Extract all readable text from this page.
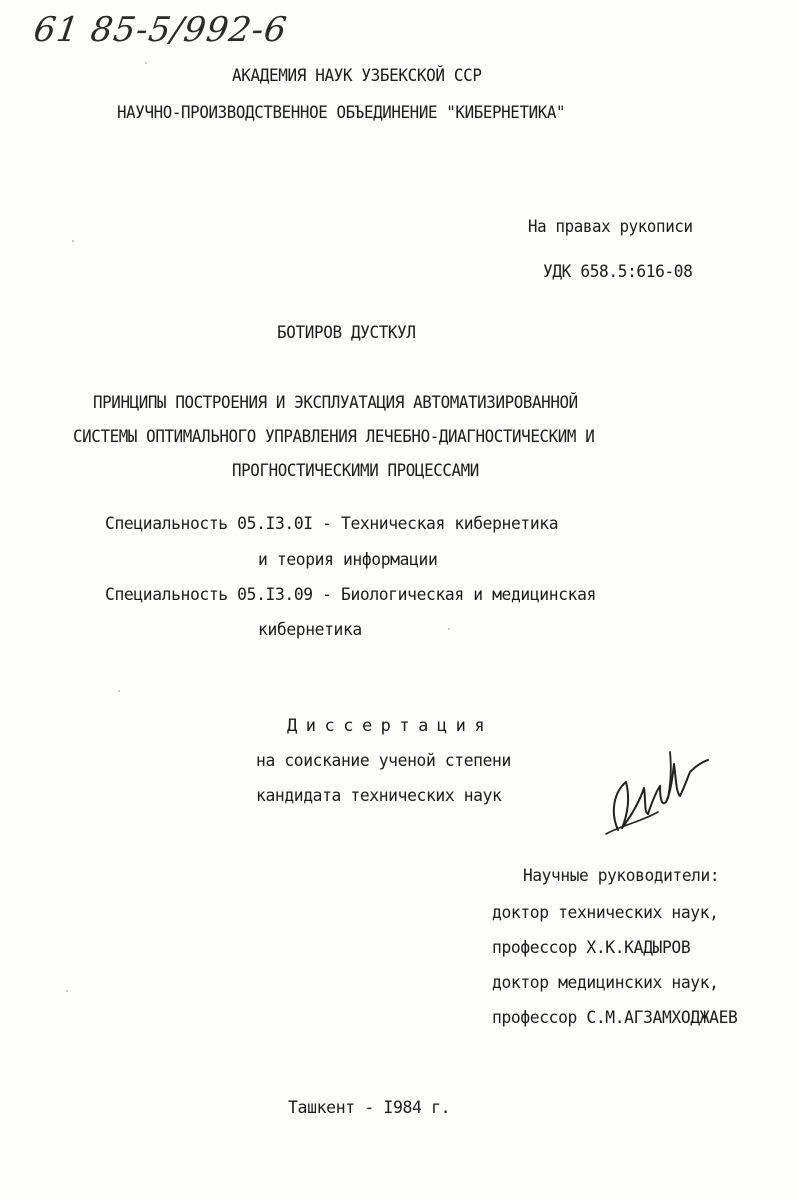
61 85-5/992-6
АКАДЕМИЯ НАУК УЗБЕКСКОЙ ССР
НАУЧНО-ПРОИЗВОДСТВЕННОЕ ОБЪЕДИНЕНИЕ "КИБЕРНЕТИКА"
На правах рукописи
УДК 658.5:616-08
БОТИРОВ ДУСТКУЛ
ПРИНЦИПЫ ПОСТРОЕНИЯ И ЭКСПЛУАТАЦИЯ АВТОМАТИЗИРОВАННОЙ
СИСТЕМЫ ОПТИМАЛЬНОГО УПРАВЛЕНИЯ ЛЕЧЕБНО-ДИАГНОСТИЧЕСКИМ И
ПРОГНОСТИЧЕСКИМИ ПРОЦЕССАМИ
Специальность 05.I3.0I - Техническая кибернетика
и теория информации
Специальность 05.I3.09 - Биологическая и медицинская
кибернетика
Диссертация
на соискание ученой степени
кандидата технических наук
Научные руководители:
доктор технических наук,
профессор Х.К.КАДЫРОВ
доктор медицинских наук,
профессор С.М.АГЗАМХОДЖАЕВ
Ташкент - I984 г.
